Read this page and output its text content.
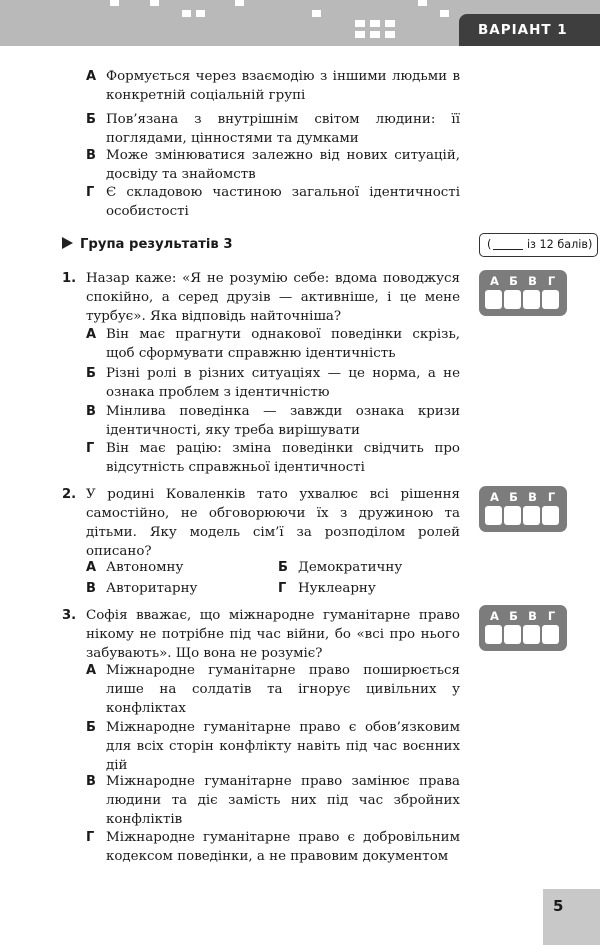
ВАРІАНТ 1
А Формується через взаємодію з іншими людьми в конкретній соціальній групі
Б Пов’язана з внутрішнім світом людини: її поглядами, цінностями та думками
В Може змінюватися залежно від нових ситуацій, досвіду та знайомств
Г Є складовою частиною загальної ідентичності особистості
Група результатів 3	(	із 12 балів)
1. Назар каже: «Я не розумію себе: вдома поводжуся спокійно, а серед друзів — активніше, і це мене турбує». Яка відповідь найточніша?
А Б В Г
А Він має прагнути однакової поведінки скрізь, щоб сформувати справжню ідентичність
Б Різні ролі в різних ситуаціях — це норма, а не ознака проблем з ідентичністю
В Мінлива поведінка — завжди ознака кризи ідентичності, яку треба вирішувати
Г Він має рацію: зміна поведінки свідчить про відсутність справжньої ідентичності
2. У родині Коваленків тато ухвалює всі рішення самостійно, не обговорюючи їх з дружиною та дітьми. Яку модель сім’ї за розподілом ролей описано?
А Б В Г
А Автономну	Б Демократичну
В Авторитарну	Г Нуклеарну
3. Софія вважає, що міжнародне гуманітарне право нікому не потрібне під час війни, бо «всі про нього забувають». Що вона не розуміє?
А Б В Г
А Міжнародне гуманітарне право поширюється лише на солдатів та ігнорує цивільних у конфліктах
Б Міжнародне гуманітарне право є обов’язковим для всіх сторін конфлікту навіть під час воєнних дій
В Міжнародне гуманітарне право замінює права людини та діє замість них під час збройних конфліктів
Г Міжнародне гуманітарне право є добровільним кодексом поведінки, а не правовим документом
5
